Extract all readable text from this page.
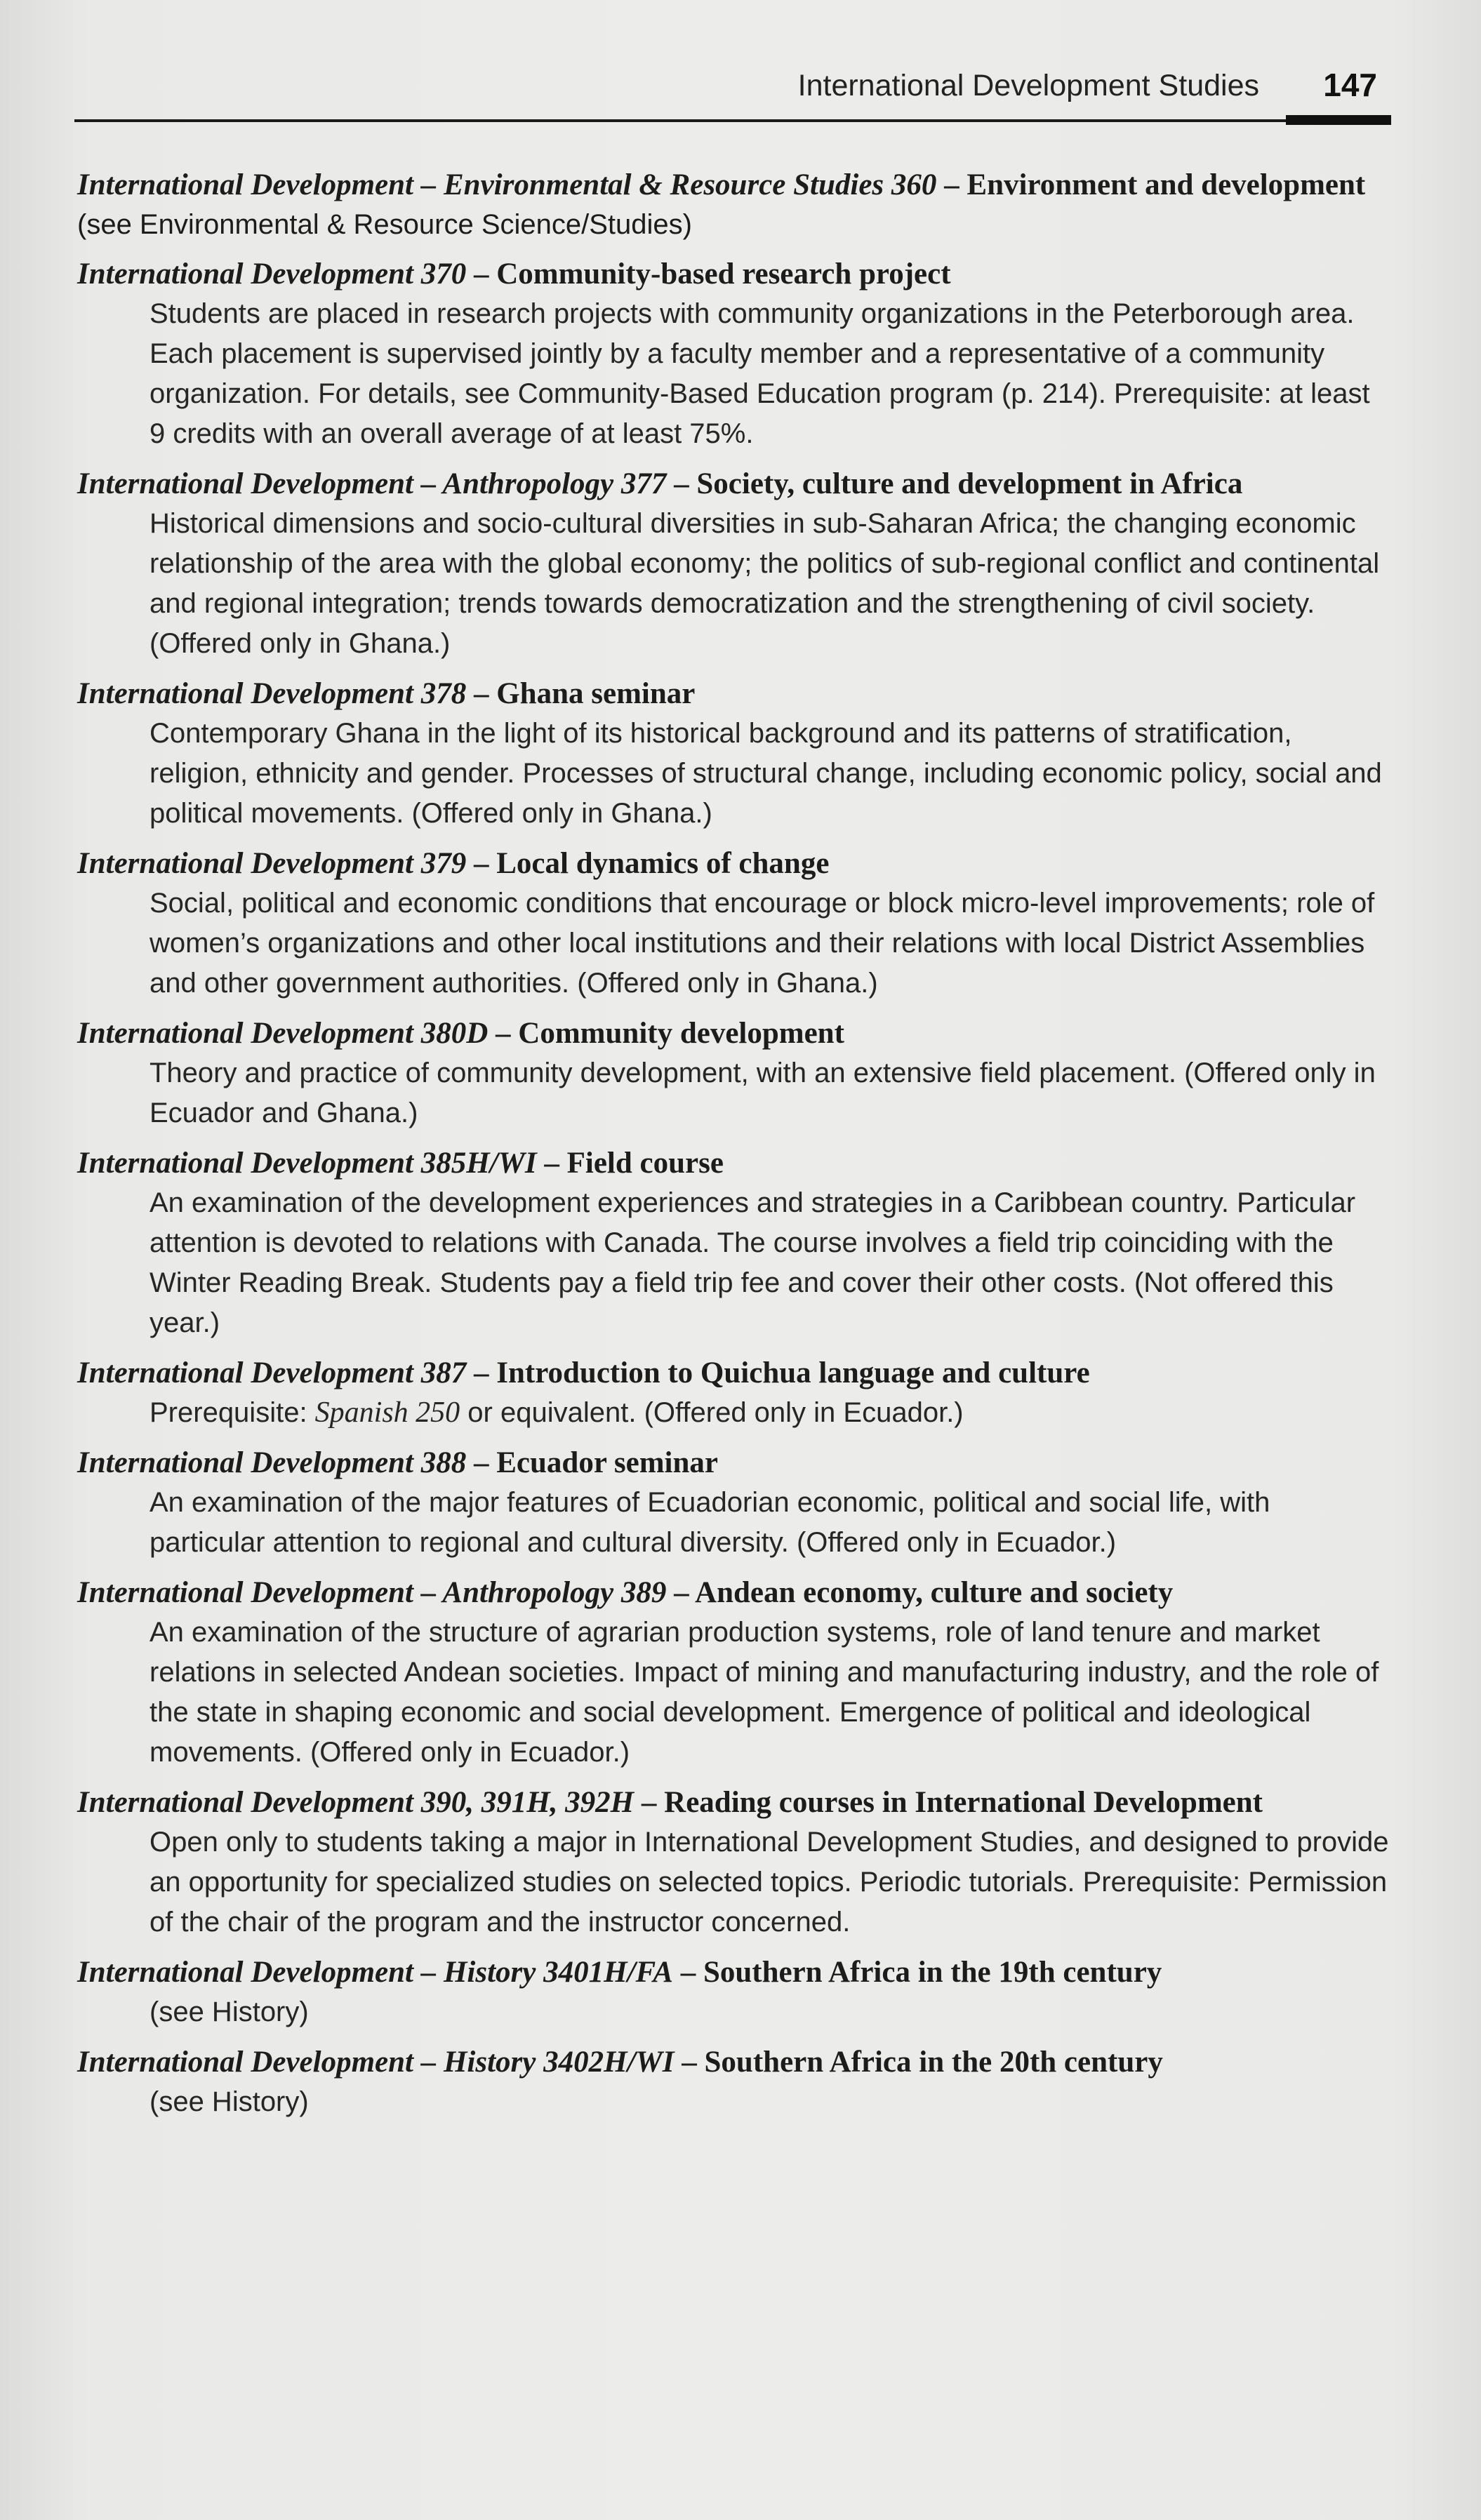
International Development Studies 147
International Development – Environmental & Resource Studies 360 – Environment and development (see Environmental & Resource Science/Studies)
International Development 370 – Community-based research project
Students are placed in research projects with community organizations in the Peterborough area. Each placement is supervised jointly by a faculty member and a representative of a community organization. For details, see Community-Based Education program (p. 214). Prerequisite: at least 9 credits with an overall average of at least 75%.
International Development – Anthropology 377 – Society, culture and development in Africa
Historical dimensions and socio-cultural diversities in sub-Saharan Africa; the changing economic relationship of the area with the global economy; the politics of sub-regional conflict and continental and regional integration; trends towards democratization and the strengthening of civil society. (Offered only in Ghana.)
International Development 378 – Ghana seminar
Contemporary Ghana in the light of its historical background and its patterns of stratification, religion, ethnicity and gender. Processes of structural change, including economic policy, social and political movements. (Offered only in Ghana.)
International Development 379 – Local dynamics of change
Social, political and economic conditions that encourage or block micro-level improvements; role of women’s organizations and other local institutions and their relations with local District Assemblies and other government authorities. (Offered only in Ghana.)
International Development 380D – Community development
Theory and practice of community development, with an extensive field placement. (Offered only in Ecuador and Ghana.)
International Development 385H/WI – Field course
An examination of the development experiences and strategies in a Caribbean country. Particular attention is devoted to relations with Canada. The course involves a field trip coinciding with the Winter Reading Break. Students pay a field trip fee and cover their other costs. (Not offered this year.)
International Development 387 – Introduction to Quichua language and culture
Prerequisite: Spanish 250 or equivalent. (Offered only in Ecuador.)
International Development 388 – Ecuador seminar
An examination of the major features of Ecuadorian economic, political and social life, with particular attention to regional and cultural diversity. (Offered only in Ecuador.)
International Development – Anthropology 389 – Andean economy, culture and society
An examination of the structure of agrarian production systems, role of land tenure and market relations in selected Andean societies. Impact of mining and manufacturing industry, and the role of the state in shaping economic and social development. Emergence of political and ideological movements. (Offered only in Ecuador.)
International Development 390, 391H, 392H – Reading courses in International Development
Open only to students taking a major in International Development Studies, and designed to provide an opportunity for specialized studies on selected topics. Periodic tutorials. Prerequisite: Permission of the chair of the program and the instructor concerned.
International Development – History 3401H/FA – Southern Africa in the 19th century
(see History)
International Development – History 3402H/WI – Southern Africa in the 20th century
(see History)
